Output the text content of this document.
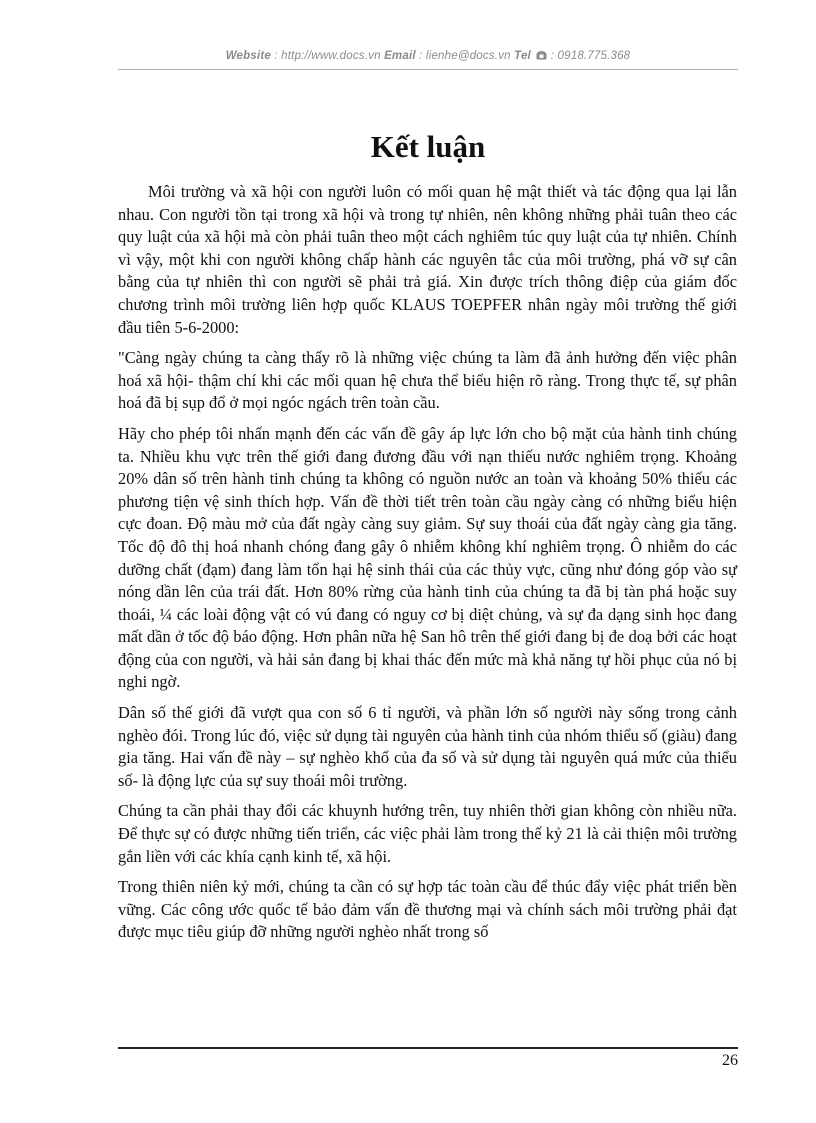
Website : http://www.docs.vn Email : lienhe@docs.vn Tel  : 0918.775.368
Kết luận

Môi trường và xã hội con người luôn có mối quan hệ mật thiết và tác động qua lại lẫn nhau. Con người tồn tại trong xã hội và trong tự nhiên, nên không những phải tuân theo các quy luật của xã hội mà còn phải tuân theo một cách nghiêm túc quy luật của tự nhiên. Chính vì vậy, một khi con người không chấp hành các nguyên tắc của môi trường, phá vỡ sự cân bằng của tự nhiên thì con người sẽ phải trả giá. Xin được trích thông điệp của giám đốc chương trình môi trường liên hợp quốc KLAUS TOEPFER nhân ngày môi trường thế giới đầu tiên 5-6-2000:

"Càng ngày chúng ta càng thấy rõ là những việc chúng ta làm đã ảnh hưởng đến việc phân hoá xã hội- thậm chí khi các mối quan hệ chưa thể biểu hiện rõ ràng. Trong thực tế, sự phân hoá đã bị sụp đổ ở mọi ngóc ngách trên toàn cầu.

Hãy cho phép tôi nhấn mạnh đến các vấn đề gây áp lực lớn cho bộ mặt của hành tinh chúng ta. Nhiều khu vực trên thế giới đang đương đầu với nạn thiếu nước nghiêm trọng. Khoảng 20% dân số trên hành tinh chúng ta không có nguồn nước an toàn và khoảng 50% thiếu các phương tiện vệ sinh thích hợp. Vấn đề thời tiết trên toàn cầu ngày càng có những biểu hiện cực đoan. Độ màu mở của đất ngày càng suy giảm. Sự suy thoái của đất ngày càng gia tăng. Tốc độ đô thị hoá nhanh chóng đang gây ô nhiễm không khí nghiêm trọng. Ô nhiễm do các dưỡng chất (đạm) đang làm tổn hại hệ sinh thái của các thủy vực, cũng như đóng góp vào sự nóng dần lên của trái đất. Hơn 80% rừng của hành tinh của chúng ta đã bị tàn phá hoặc suy thoái, ¼ các loài động vật có vú đang có nguy cơ bị diệt chủng, và sự đa dạng sinh học đang mất dần ở tốc độ báo động. Hơn phân nữa hệ San hô trên thế giới đang bị đe doạ bởi các hoạt động của con người, và hải sản đang bị khai thác đến mức mà khả năng tự hồi phục của nó bị nghi ngờ.

Dân số thế giới đã vượt qua con số 6 tỉ người, và phần lớn số người này sống trong cảnh nghèo đói. Trong lúc đó, việc sử dụng tài nguyên của hành tinh của nhóm thiểu số (giàu) đang gia tăng. Hai vấn đề này – sự nghèo khổ của đa số và sử dụng tài nguyên quá mức của thiểu số- là động lực của sự suy thoái môi trường.

Chúng ta cần phải thay đổi các khuynh hướng trên, tuy nhiên thời gian không còn nhiều nữa. Để thực sự có được những tiến triển, các việc phải làm trong thế kỷ 21 là cải thiện môi trường gắn liền với các khía cạnh kinh tế, xã hội.

Trong thiên niên kỷ mới, chúng ta cần có sự hợp tác toàn cầu để thúc đẩy việc phát triển bền vững. Các công ước quốc tế bảo đảm vấn đề thương mại và chính sách môi trường phải đạt được mục tiêu giúp đỡ những người nghèo nhất trong số

26
